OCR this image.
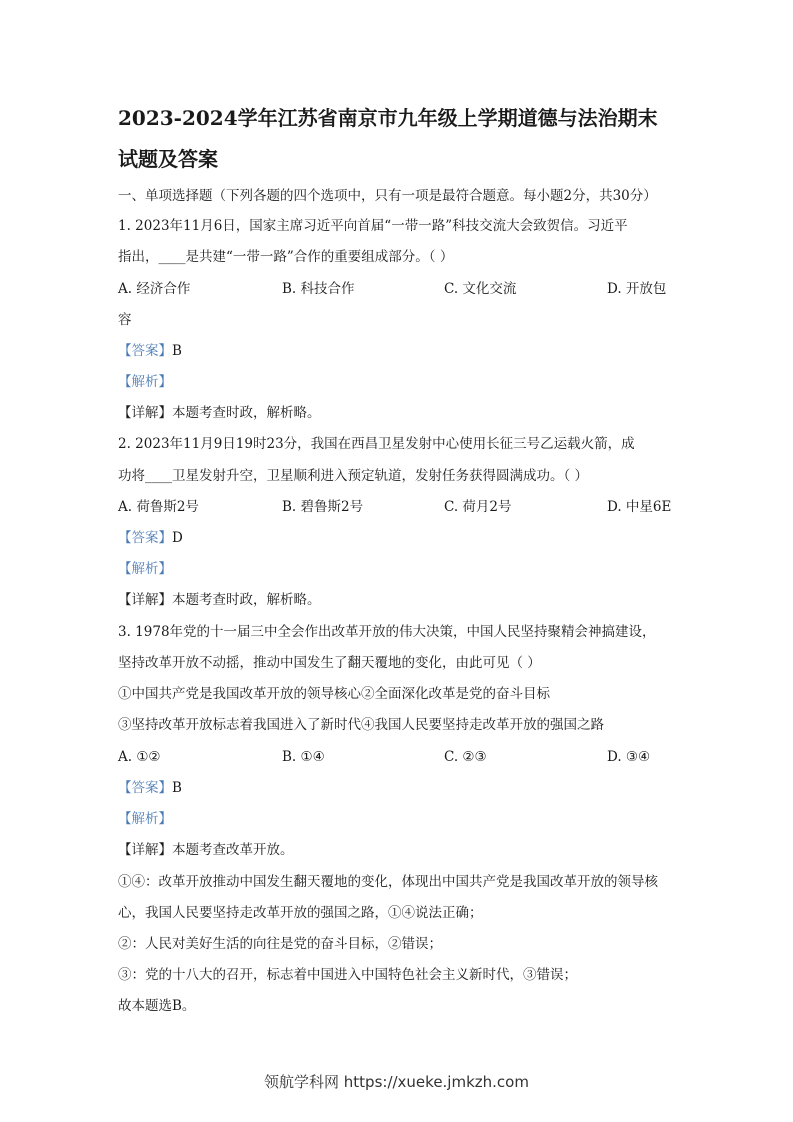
2023-2024学年江苏省南京市九年级上学期道德与法治期末
试题及答案
一、单项选择题（下列各题的四个选项中，只有一项是最符合题意。每小题2分，共30分）
1. 2023年11月6日，国家主席习近平向首届“一带一路”科技交流大会致贺信。习近平
指出，____是共建“一带一路”合作的重要组成部分。（ ）
A. 经济合作	B. 科技合作	C. 文化交流	D. 开放包
容
【答案】B
【解析】
【详解】本题考查时政，解析略。
2. 2023年11月9日19时23分，我国在西昌卫星发射中心使用长征三号乙运载火箭，成
功将____卫星发射升空，卫星顺利进入预定轨道，发射任务获得圆满成功。（ ）
A. 荷鲁斯2号	B. 碧鲁斯2号	C. 荷月2号	D. 中星6E
【答案】D
【解析】
【详解】本题考查时政，解析略。
3. 1978年党的十一届三中全会作出改革开放的伟大决策，中国人民坚持聚精会神搞建设，
坚持改革开放不动摇，推动中国发生了翻天覆地的变化，由此可见（ ）
①中国共产党是我国改革开放的领导核心②全面深化改革是党的奋斗目标
③坚持改革开放标志着我国进入了新时代④我国人民要坚持走改革开放的强国之路
A. ①②	B. ①④	C. ②③	D. ③④
【答案】B
【解析】
【详解】本题考查改革开放。
①④：改革开放推动中国发生翻天覆地的变化，体现出中国共产党是我国改革开放的领导核
心，我国人民要坚持走改革开放的强国之路，①④说法正确；
②：人民对美好生活的向往是党的奋斗目标，②错误；
③：党的十八大的召开，标志着中国进入中国特色社会主义新时代，③错误；
故本题选B。
领航学科网 https://xueke.jmkzh.com
